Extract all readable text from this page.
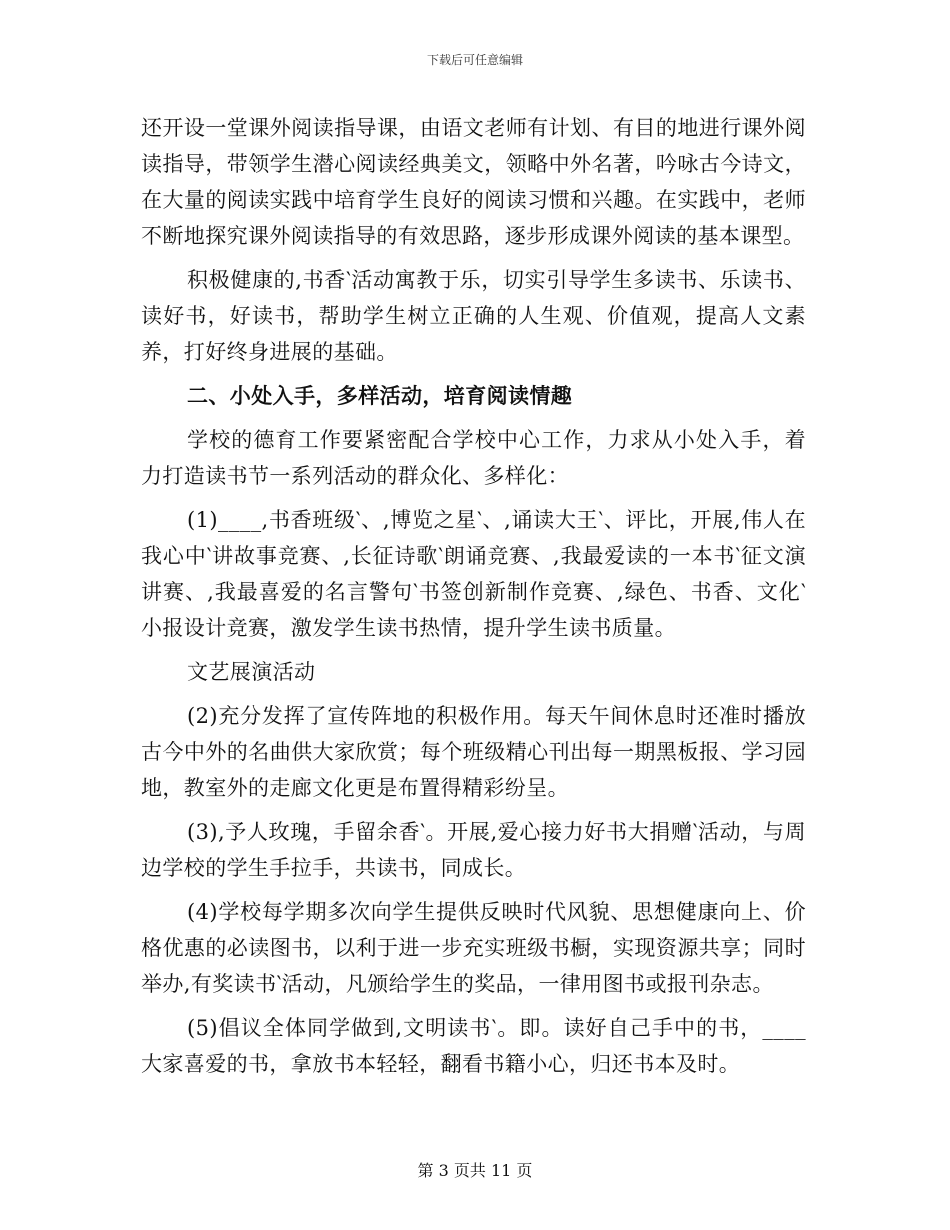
下载后可任意编辑

还开设一堂课外阅读指导课，由语文老师有计划、有目的地进行课外阅读指导，带领学生潜心阅读经典美文，领略中外名著，吟咏古今诗文，在大量的阅读实践中培育学生良好的阅读习惯和兴趣。在实践中，老师不断地探究课外阅读指导的有效思路，逐步形成课外阅读的基本课型。

积极健康的,书香‵活动寓教于乐，切实引导学生多读书、乐读书、读好书，好读书，帮助学生树立正确的人生观、价值观，提高人文素养，打好终身进展的基础。

二、小处入手，多样活动，培育阅读情趣

学校的德育工作要紧密配合学校中心工作，力求从小处入手，着力打造读书节一系列活动的群众化、多样化：

(1)____,书香班级‵、,博览之星‵、,诵读大王‵、评比，开展,伟人在我心中‵讲故事竞赛、,长征诗歌‵朗诵竞赛、,我最爱读的一本书‵征文演讲赛、,我最喜爱的名言警句‵书签创新制作竞赛、,绿色、书香、文化‵小报设计竞赛，激发学生读书热情，提升学生读书质量。

文艺展演活动

(2)充分发挥了宣传阵地的积极作用。每天午间休息时还准时播放古今中外的名曲供大家欣赏；每个班级精心刊出每一期黑板报、学习园地，教室外的走廊文化更是布置得精彩纷呈。

(3),予人玫瑰，手留余香‵。开展,爱心接力好书大捐赠‵活动，与周边学校的学生手拉手，共读书，同成长。

(4)学校每学期多次向学生提供反映时代风貌、思想健康向上、价格优惠的必读图书，以利于进一步充实班级书橱，实现资源共享；同时举办,有奖读书‵活动，凡颁给学生的奖品，一律用图书或报刊杂志。

(5)倡议全体同学做到,文明读书‵。即。读好自己手中的书，____大家喜爱的书，拿放书本轻轻，翻看书籍小心，归还书本及时。

第 3 页共 11 页
